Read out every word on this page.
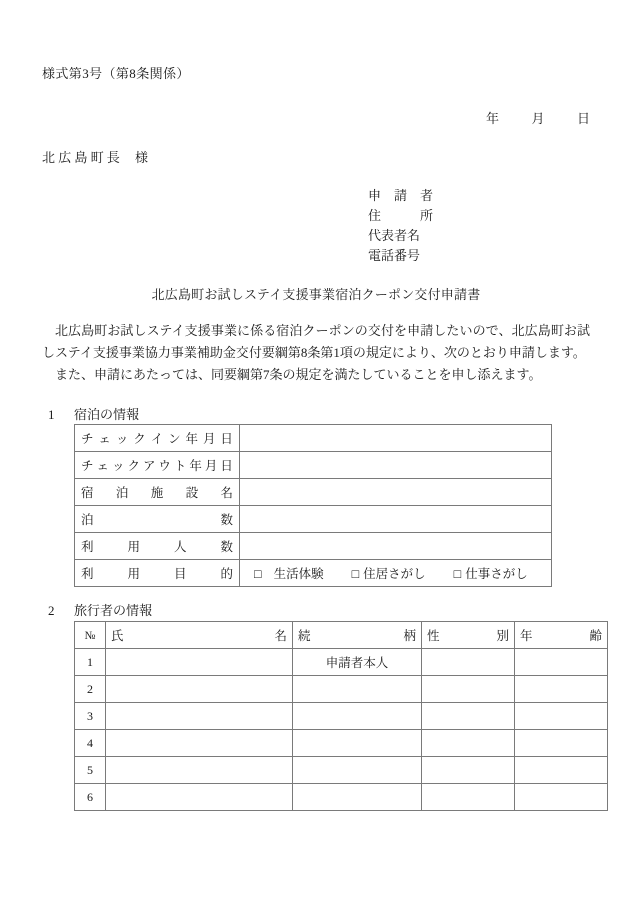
様式第3号（第8条関係）
年	月	日
北広島町長 様
申　請　者
住　　　所
代表者名
電話番号
北広島町お試しステイ支援事業宿泊クーポン交付申請書

北広島町お試しステイ支援事業に係る宿泊クーポンの交付を申請したいので、北広島町お試しステイ支援事業協力事業補助金交付要綱第8条第1項の規定により、次のとおり申請します。

また、申請にあたっては、同要綱第7条の規定を満たしていることを申し添えます。

1 宿泊の情報
チ ェ ッ ク イ ン 年 月 日

チ ェ ッ ク ア ウ ト 年 月 日

宿 泊 施 設 名	

泊 数	

利 用 人 数	

利 用 目 的	□ 生活体験 □ 住居さがし □ 仕事さがし
2 旅行者の情報
№	氏 名	続 柄	性 別	年 齢

1		申請者本人		
2				
3				
4				
5				
6				
